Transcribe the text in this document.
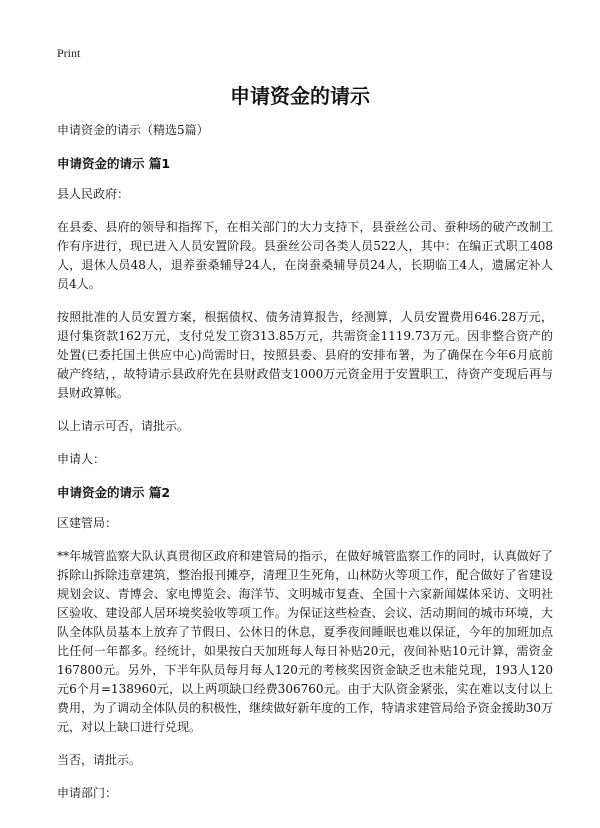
Print
申请资金的请示

申请资金的请示（精选5篇）

申请资金的请示 篇1

县人民政府：

在县委、县府的领导和指挥下，在相关部门的大力支持下，县蚕丝公司、蚕种场的破产改制工作有序进行，现已进入人员安置阶段。县蚕丝公司各类人员522人，其中：在编正式职工408人，退休人员48人，退养蚕桑辅导24人，在岗蚕桑辅导员24人，长期临工4人，遗属定补人员4人。

按照批准的人员安置方案，根据债权、债务清算报告，经测算，人员安置费用646.28万元，退付集资款162万元，支付兑发工资313.85万元，共需资金1119.73万元。因非整合资产的处置(已委托国土供应中心)尚需时日，按照县委、县府的安排布署，为了确保在今年6月底前破产终结，，故特请示县政府先在县财政借支1000万元资金用于安置职工，待资产变现后再与县财政算帐。

以上请示可否，请批示。

申请人：

申请资金的请示 篇2

区建管局：

**年城管监察大队认真贯彻区政府和建管局的指示，在做好城管监察工作的同时，认真做好了拆除山拆除违章建筑，整治报刊摊亭，清理卫生死角，山林防火等项工作，配合做好了省建设规划会议、青博会、家电博览会、海洋节、文明城市复查、全国十六家新闻媒体采访、文明社区验收、建设部人居环境奖验收等项工作。为保证这些检查、会议、活动期间的城市环境，大队全体队员基本上放弃了节假日、公休日的休息，夏季夜间睡眠也难以保证，今年的加班加点比任何一年都多。经统计，如果按白天加班每人每日补贴20元，夜间补贴10元计算，需资金167800元。另外，下半年队员每月每人120元的考核奖因资金缺乏也未能兑现，193人120元6个月=138960元，以上两项缺口经费306760元。由于大队资金紧张，实在难以支付以上费用，为了调动全体队员的积极性，继续做好新年度的工作，特请求建管局给予资金援助30万元，对以上缺口进行兑现。

当否，请批示。

申请部门：
